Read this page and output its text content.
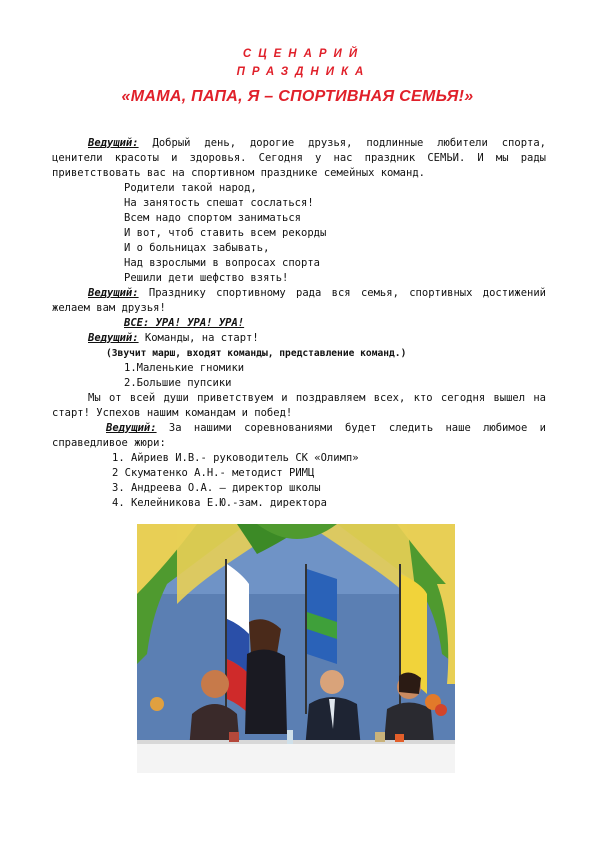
СЦЕНАРИЙ
ПРАЗДНИКА
«МАМА, ПАПА, Я – СПОРТИВНАЯ СЕМЬЯ!»

Ведущий: Добрый день, дорогие друзья, подлинные любители спорта, ценители красоты и здоровья. Сегодня у нас праздник СЕМЬИ. И мы рады приветствовать вас на спортивном празднике семейных команд.

Родители такой народ,
На занятость спешат сослаться!
Всем надо спортом заниматься
И вот, чтоб ставить всем рекорды
И о больницах забывать,
Над взрослыми в вопросах спорта
Решили дети шефство взять!

Ведущий: Празднику спортивному рада вся семья, спортивных достижений желаем вам друзья!

ВСЕ: УРА! УРА! УРА!

Ведущий: Команды, на старт!

(Звучит марш, входят команды, представление команд.)

1.Маленькие гномики

2.Большие пупсики

Мы от всей души приветствуем и поздравляем всех, кто сегодня вышел на старт! Успехов нашим командам и побед!

Ведущий: За нашими соревнованиями будет следить наше любимое и справедливое жюри:

1. Айриев И.В.- руководитель СК «Олимп»
2 Скуматенко А.Н.- методист РИМЦ
3. Андреева О.А. – директор школы
4. Келейникова Е.Ю.-зам. директора
